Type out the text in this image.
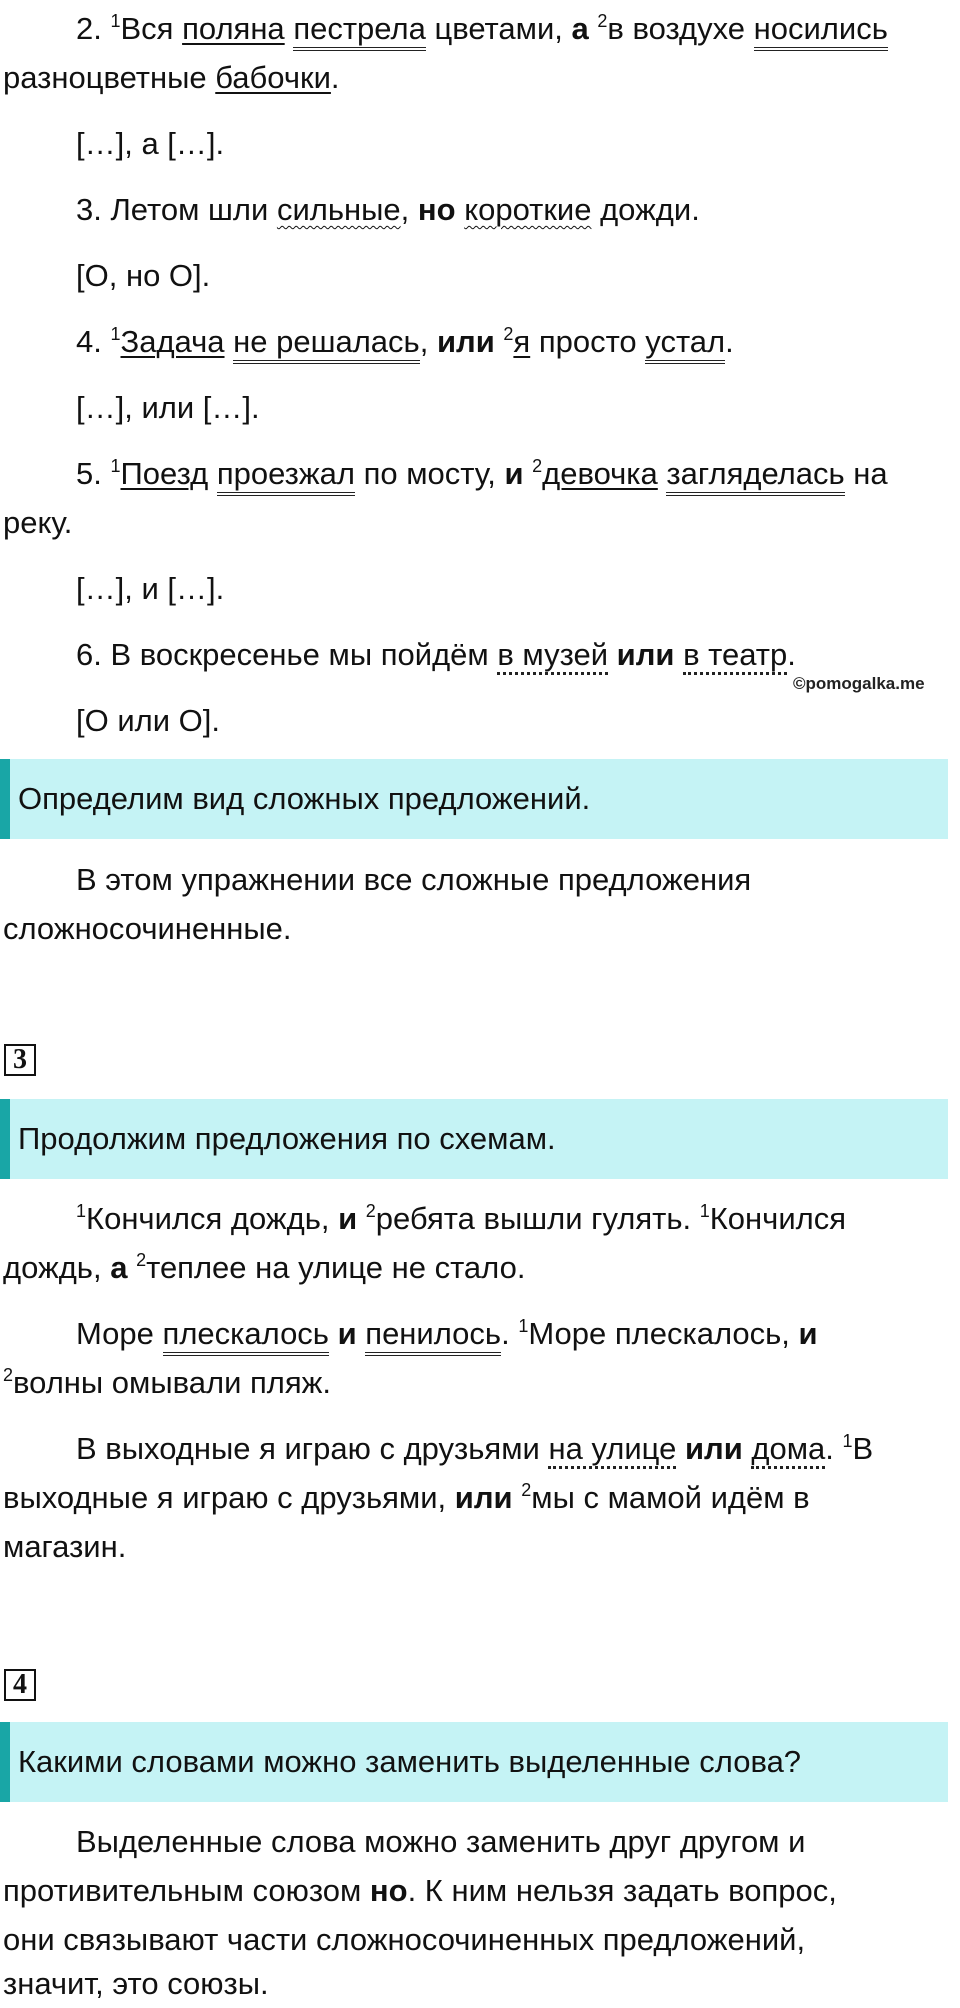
2. $^1$Вся поляна пестрела цветами, а $^2$в воздухе носились

разноцветные бабочки.

[…], а […].

3. Летом шли сильные, но короткие дожди.

[О, но О].

4. $^1$Задача не решалась, или $^2$я просто устал.

[…], или […].

5. $^1$Поезд проезжал по мосту, и $^2$девочка загляделась на

реку.

[…], и […].

6. В воскресенье мы пойдём в музей или в театр.

©pomogalka.me

[О или О].

Определим вид сложных предложений.

В этом упражнении все сложные предложения

сложносочиненные.

3
Продолжим предложения по схемам.

$^1$Кончился дождь, и $^2$ребята вышли гулять. $^1$Кончился

дождь, а $^2$теплее на улице не стало.

Море плескалось и пенилось. $^1$Море плескалось, и

$^2$волны омывали пляж.

В выходные я играю с друзьями на улице или дома. $^1$В

выходные я играю с друзьями, или $^2$мы с мамой идём в

магазин.

4
Какими словами можно заменить выделенные слова?

Выделенные слова можно заменить друг другом и

противительным союзом но. К ним нельзя задать вопрос,

они связывают части сложносочиненных предложений,

значит, это союзы.
